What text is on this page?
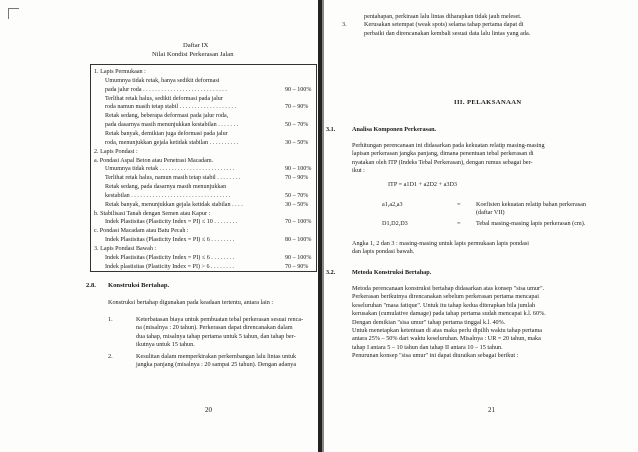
Daftar IX
Nilai Kondisi Perkerasan Jalan
1. Lapis Permukaan :
Umumnya tidak retak, hanya sedikit deformasi
pada jalur roda . . . . . . . . . . . . . . . . . . . . . . . . . . . .	90 – 100%
Terlihat retak halus, sedikit deformasi pada jalur
roda namun masih tetap stabil . . . . . . . . . . . . . . . . . . .	70 – 90%
Retak sedang, beberapa deformasi pada jalur roda,
pada dasarnya masih menunjukkan kestabilan . . . . . . .	50 – 70%
Retak banyak, demikian juga deformasi pada jalur
roda, menunjukkan gejala ketidak stabilan . . . . . . . . . .	30 – 50%
2. Lapis Pondasi :
a. Pondasi Aspal Beton atau Penetrasi Macadam.
Umumnya tidak retak . . . . . . . . . . . . . . . . . . . . . . . . .	90 – 100%
Terlihat retak halus, namun masih tetap stabil . . . . . . . .	70 – 90%
Retak sedang, pada dasarnya masih menunjukkan
kestabilan . . . . . . . . . . . . . . . . . . . . . . . . . . . . . . . . .	50 – 70%
Retak banyak, menunjukkan gejala ketidak stabilan . . . .	30 – 50%
b. Stabilisasi Tanah dengan Semen atau Kapur :
Indek Plastisitas (Plasticity Index = PI) ≤ 10 . . . . . . . .	70 – 100%
c. Pondasi Macadam atau Batu Pecah :
Indek Plastisitas (Plasticity Index = PI) ≤ 6 . . . . . . . .	80 – 100%
3. Lapis Pondasi Bawah :
Indek Plastisitas (Plasticity Index = PI) ≤ 6 . . . . . . . .	90 – 100%
Indek plastisitas (Plasticity Index = PI) > 6 . . . . . . . .	70 – 90%
2.8. Konstruksi Bertahap.
Konstruksi bertahap digunakan pada keadaan tertentu, antara lain :
1.	Keterbatasan biaya untuk pembuatan tebal perkerasan sesuai renca-
na (misalnya : 20 tahun). Perkerasan dapat direncanakan dalam
dua tahap, misalnya tahap pertama untuk 5 tahun, dan tahap ber-
ikutnya untuk 15 tahun.
2.	Kesulitan dalam memperkirakan perkembangan lalu lintas untuk
jangka panjang (misalnya : 20 sampai 25 tahun). Dengan adanya
20
pentahapan, perkiraan lalu lintas diharapkan tidak jauh meleset.
Kerusakan setempat (weak spots) selama tahap pertama dapat di
perbaiki dan direncanakan kembali sesuai data lalu lintas yang ada.
3.
III. PELAKSANAAN
3.1.	Analisa Komponen Perkerasan.
Perhitungan perencanaan ini didasarkan pada kekuatan relatip masing-masing
lapisan perkerasan jangka panjang, dimana penentuan tebal perkerasan di
nyatakan oleh ITP (Indeks Tebal Perkerasan), dengan rumus sebagai ber-
ikut :
ITP = a1D1 + a2D2 + a3D3
a1,a2,a3	=	Koefisien kekuatan relatip bahan perkerasan
(daftar VII)
D1,D2,D3	=	Tebal masing-masing lapis perkerasan (cm).
Angka 1, 2 dan 3 : masing-masing untuk lapis permukaan lapis pondasi
dan lapis pondasi bawah.
3.2.	Metoda Konstruksi Bertahap.
Metoda perencanaan konstruksi bertahap didasarkan atas konsep "sisa umur".
Perkerasan berikutnya direncanakan sebelum perkerasan pertama mencapai
keseluruhan "masa fatique". Untuk itu tahap kedua diterapkan bila jumlah
kerusakan (cumulative damage) pada tahap pertama sudah mencapai k.l. 60%.
Dengan demikian "sisa umur" tahap pertama tinggal k.l. 40%.
Untuk menetapkan ketentuan di atas maka perlu dipilih waktu tahap pertama
antara 25% – 50% dari waktu keseluruhan. Misalnya : UR = 20 tahun, maka
tahap I antara 5 – 10 tahun dan tahap II antara 10 – 15 tahun.
Penurunan konsep "sisa umur" ini dapat diuraikan sebagai berikut :
21
